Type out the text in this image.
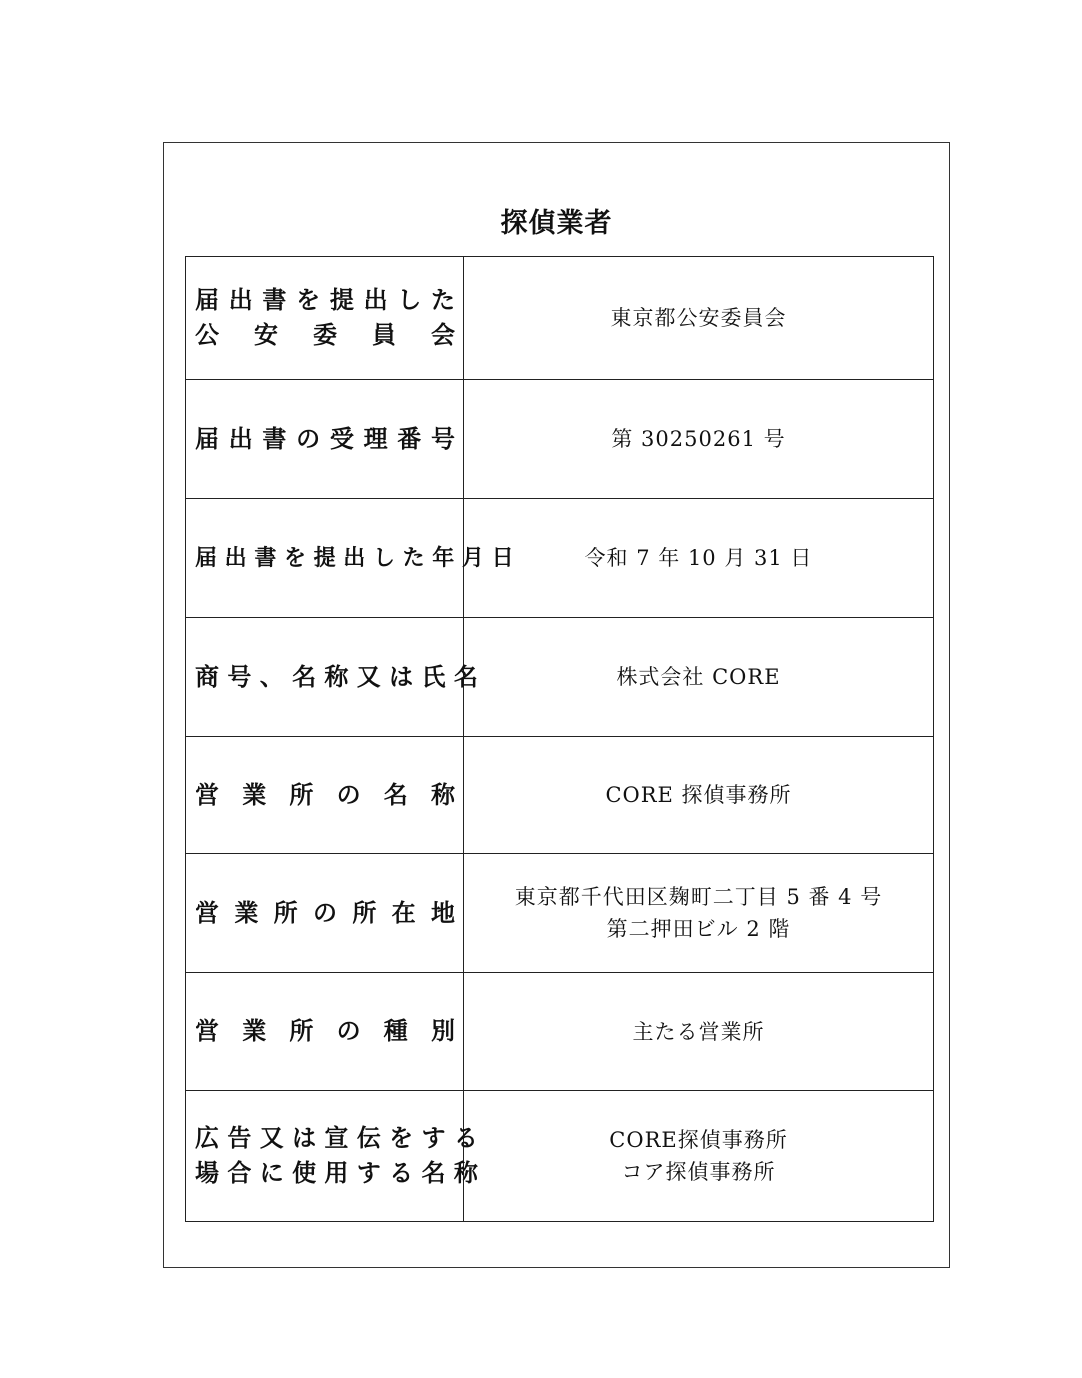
探偵業者
届 出 書 を 提 出 し た
公 安 委 員 会	東京都公安委員会

届 出 書 の 受 理 番 号	第 30250261 号

届 出 書 を 提 出 し た 年 月 日	令和 7 年 10 月 31 日

商 号 、 名 称 又 は 氏 名	株式会社 CORE

営 業 所 の 名 称	CORE 探偵事務所

営 業 所 の 所 在 地	東京都千代田区麹町二丁目 5 番 4 号
第二押田ビル 2 階

営 業 所 の 種 別	主たる営業所

広 告 又 は 宣 伝 を す る
場 合 に 使 用 す る 名 称	CORE探偵事務所
コア探偵事務所
